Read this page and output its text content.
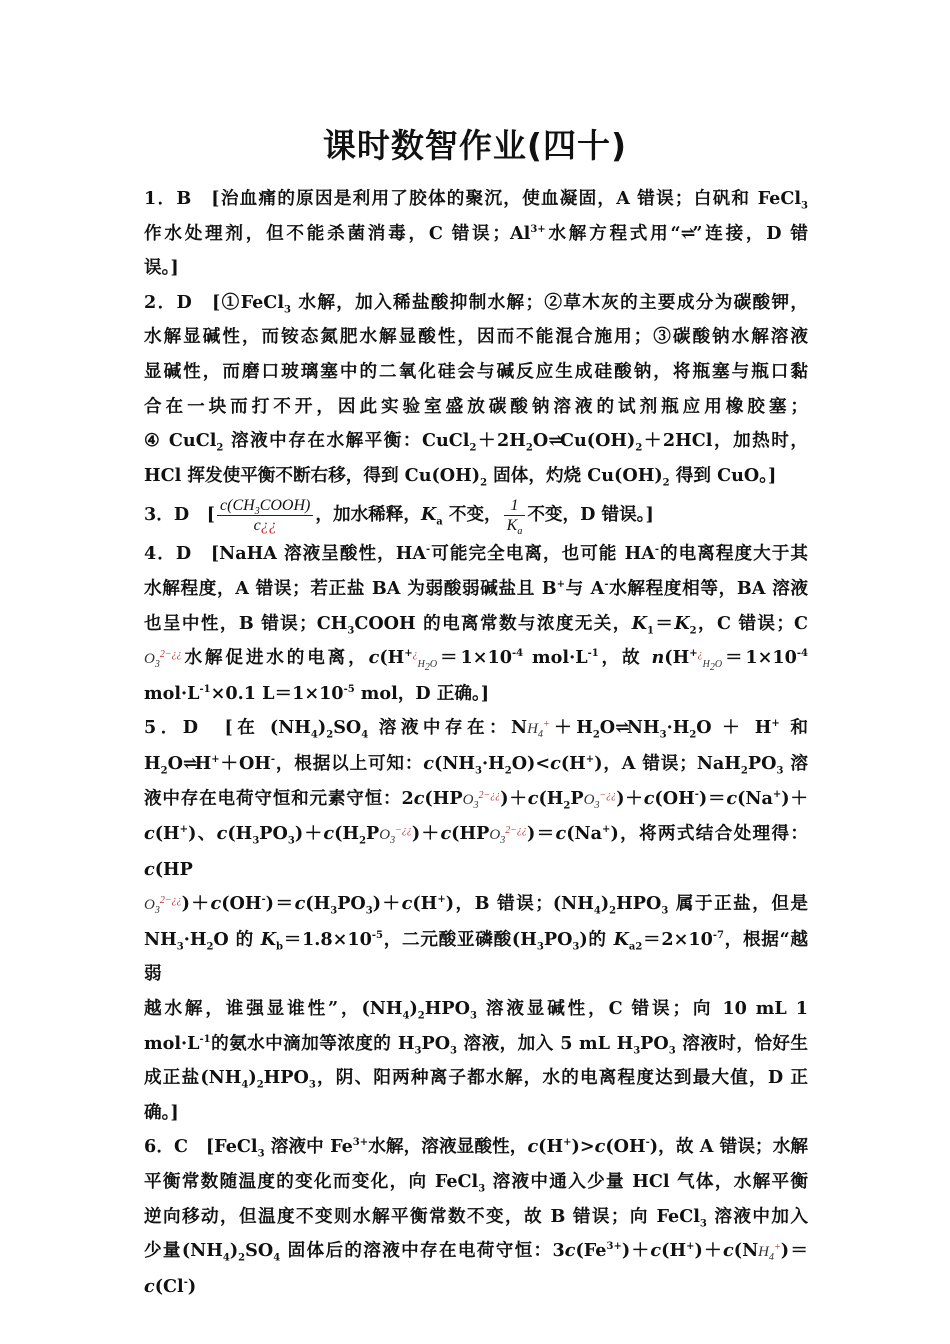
课时数智作业(四十)

1．B　[治血痛的原因是利用了胶体的聚沉，使血凝固，A 错误；白矾和 FeCl$_3$

作水处理剂，但不能杀菌消毒，C 错误；$Al^{3+}$水解方程式用“⇌”连接，D 错

误。]

2．D　[①FeCl$_3$ 水解，加入稀盐酸抑制水解；②草木灰的主要成分为碳酸钾，

水解显碱性，而铵态氮肥水解显酸性，因而不能混合施用；③碳酸钠水解溶液

显碱性，而磨口玻璃塞中的二氧化硅会与碱反应生成硅酸钠，将瓶塞与瓶口黏

合在一块而打不开，因此实验室盛放碳酸钠溶液的试剂瓶应用橡胶塞；

④ CuCl$_2$ 溶液中存在水解平衡：$CuCl_2+2H_2O\rightleftharpoons Cu(OH)_2+2HCl$，加热时，

HCl 挥发使平衡不断右移，得到 $Cu(OH)_2$ 固体，灼烧 $Cu(OH)_2$ 得到 CuO。]

3．D　[ $\frac{c(CH_3COOH)}{c¿¿}$ ，加水稀释，$K_a$ 不变， $\frac{1}{K_a}$ 不变，D 错误。]

4．D　[NaHA 溶液呈酸性，HA-可能完全电离，也可能 HA-的电离程度大于其

水解程度，A 错误；若正盐 BA 为弱酸弱碱盐且 B+与 A-水解程度相等，BA 溶液

也呈中性，B 错误；$CH_3COOH$ 的电离常数与浓度无关，$K_1=K_2$，C 错误；C

$O_3^{2-¿¿}$水解促进水的电离，$c(H^{+¿}_{H_2O}=1\times 10^{-4}$ $mol\cdot L^{-1}$，故 $n(H^{+¿}_{H_2O}=1\times 10^{-4}$

$mol\cdot L^{-1}\times 0.1$ $L=1\times 10^{-5}$ mol，D 正确。]

5．D　[在 $(NH_4)_2SO_4$ 溶液中存在：$NH_4^++H_2O\rightleftharpoons NH_3\cdot H_2O + H^+$ 和

$H_2O\rightleftharpoons H^++OH^-$，根据以上可知：$c(NH_3\cdot H_2O)<c(H^+)$，A 错误；$NaH_2PO_3$ 溶

液中存在电荷守恒和元素守恒：$2c(HPO_3^{2-¿¿})+c(H_2PO_3^{-¿¿})+c(OH^-)=c(Na^+)+$

c(H+)、$c(H_3PO_3)+c(H_2PO_3^{-¿¿})+c(HPO_3^{2-¿¿})=c(Na^+)$，将两式结合处理得：c(HP

$O_3^{2-¿¿})+c(OH^-)=c(H_3PO_3)+c(H^+)$，B 错误；$(NH_4)_2HPO_3$ 属于正盐，但是

$NH_3\cdot H_2O$ 的 $K_b=1.8\times 10^{-5}$，二元酸亚磷酸$(H_3PO_3)$的 $K_{a2}=2\times 10^{-7}$，根据“越弱

越水解，谁强显谁性”，$(NH_4)_2HPO_3$ 溶液显碱性，C 错误；向 10 mL 1

$mol\cdot L^{-1}$的氨水中滴加等浓度的 $H_3PO_3$ 溶液，加入 5 mL $H_3PO_3$ 溶液时，恰好生

成正盐$(NH_4)_2HPO_3$，阴、阳两种离子都水解，水的电离程度达到最大值，D 正

确。]

6．C　[FeCl$_3$ 溶液中 $Fe^{3+}$水解，溶液显酸性，c(H+)>c(OH-)，故 A 错误；水解

平衡常数随温度的变化而变化，向 FeCl$_3$ 溶液中通入少量 HCl 气体，水解平衡

逆向移动，但温度不变则水解平衡常数不变，故 B 错误；向 FeCl$_3$ 溶液中加入

少量$(NH_4)_2SO_4$ 固体后的溶液中存在电荷守恒：$3c(Fe^{3+})+c(H^+)+c(NH_4^+)=c(Cl^-)$
